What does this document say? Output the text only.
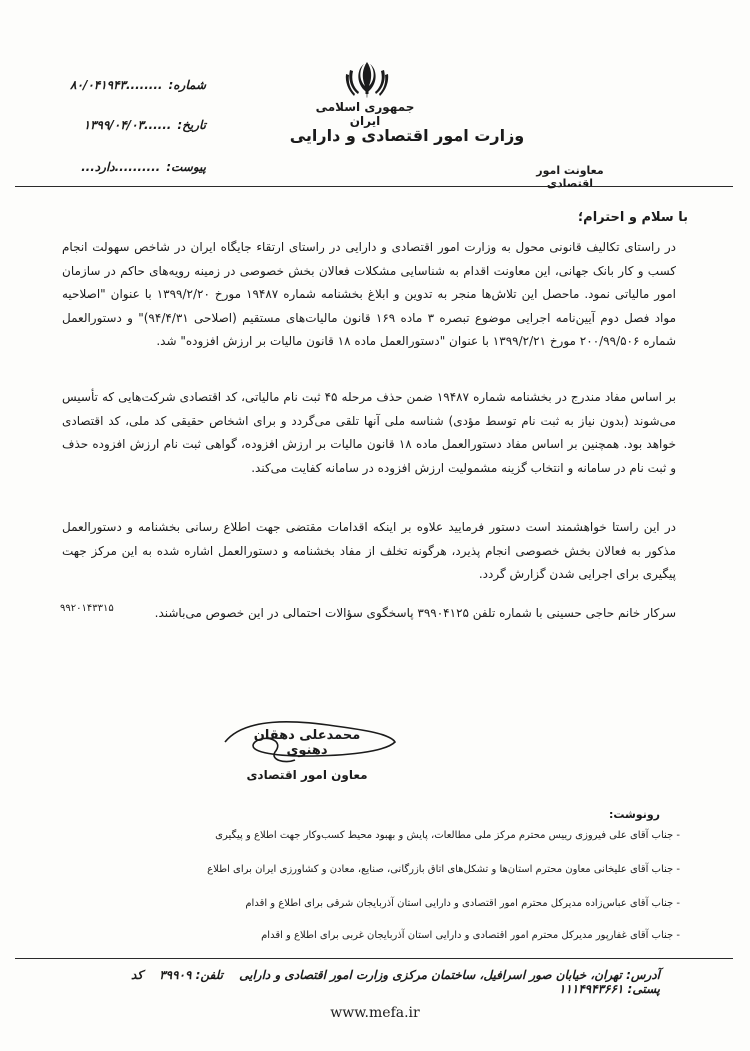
جمهوری اسلامی ایران
وزارت امور اقتصادی و دارایی
معاونت امور اقتصادی
شماره:........۸۰/۰۴۱۹۴۳
تاریخ:......۱۳۹۹/۰۴/۰۳
پیوست:..........دارد...
با سلام و احترام؛

در راستای تکالیف قانونی محول به وزارت امور اقتصادی و دارایی در راستای ارتقاء جایگاه ایران در شاخص سهولت انجام کسب و کار بانک جهانی، این معاونت اقدام به شناسایی مشکلات فعالان بخش خصوصی در زمینه رویه‌های حاکم در سازمان امور مالیاتی نمود. ماحصل این تلاش‌ها منجر به تدوین و ابلاغ بخشنامه شماره ۱۹۴۸۷ مورخ ۱۳۹۹/۲/۲۰ با عنوان "اصلاحیه مواد فصل دوم آیین‌نامه اجرایی موضوع تبصره ۳ ماده ۱۶۹ قانون مالیات‌های مستقیم (اصلاحی ۹۴/۴/۳۱)" و دستورالعمل شماره ۲۰۰/۹۹/۵۰۶ مورخ ۱۳۹۹/۲/۲۱ با عنوان "دستورالعمل ماده ۱۸ قانون مالیات بر ارزش افزوده" شد.

بر اساس مفاد مندرج در بخشنامه شماره ۱۹۴۸۷ ضمن حذف مرحله ۴۵ ثبت نام مالیاتی، کد اقتصادی شرکت‌هایی که تأسیس می‌شوند (بدون نیاز به ثبت نام توسط مؤدی) شناسه ملی آنها تلقی می‌گردد و برای اشخاص حقیقی کد ملی، کد اقتصادی خواهد بود. همچنین بر اساس مفاد دستورالعمل ماده ۱۸ قانون مالیات بر ارزش افزوده، گواهی ثبت نام ارزش افزوده حذف و ثبت نام در سامانه و انتخاب گزینه مشمولیت ارزش افزوده در سامانه کفایت می‌کند.

در این راستا خواهشمند است دستور فرمایید علاوه بر اینکه اقدامات مقتضی جهت اطلاع رسانی بخشنامه و دستورالعمل مذکور به فعالان بخش خصوصی انجام پذیرد، هرگونه تخلف از مفاد بخشنامه و دستورالعمل اشاره شده به این مرکز جهت پیگیری برای اجرایی شدن گزارش گردد.

سرکار خانم حاجی حسینی با شماره تلفن ۳۹۹۰۴۱۲۵ پاسخگوی سؤالات احتمالی در این خصوص می‌باشند.

۹۹۲۰۱۴۳۳۱۵
محمدعلی دهقان دهنوی
معاون امور اقتصادی
رونوشت:
- جناب آقای علی فیروزی رییس محترم مرکز ملی مطالعات، پایش و بهبود محیط کسب‌وکار جهت اطلاع و پیگیری
- جناب آقای علیخانی معاون محترم استان‌ها و تشکل‌های اتاق بازرگانی، صنایع، معادن و کشاورزی ایران برای اطلاع
- جناب آقای عباس‌زاده مدیرکل محترم امور اقتصادی و دارایی استان آذربایجان شرقی برای اطلاع و اقدام
- جناب آقای غفارپور مدیرکل محترم امور اقتصادی و دارایی استان آذربایجان غربی برای اطلاع و اقدام
آدرس: تهران، خیابان صور اسرافیل، ساختمان مرکزی وزارت امور اقتصادی و دارایی تلفن: ۳۹۹۰۹ کد پستی: ۱۱۱۴۹۴۳۶۶۱
www.mefa.ir
